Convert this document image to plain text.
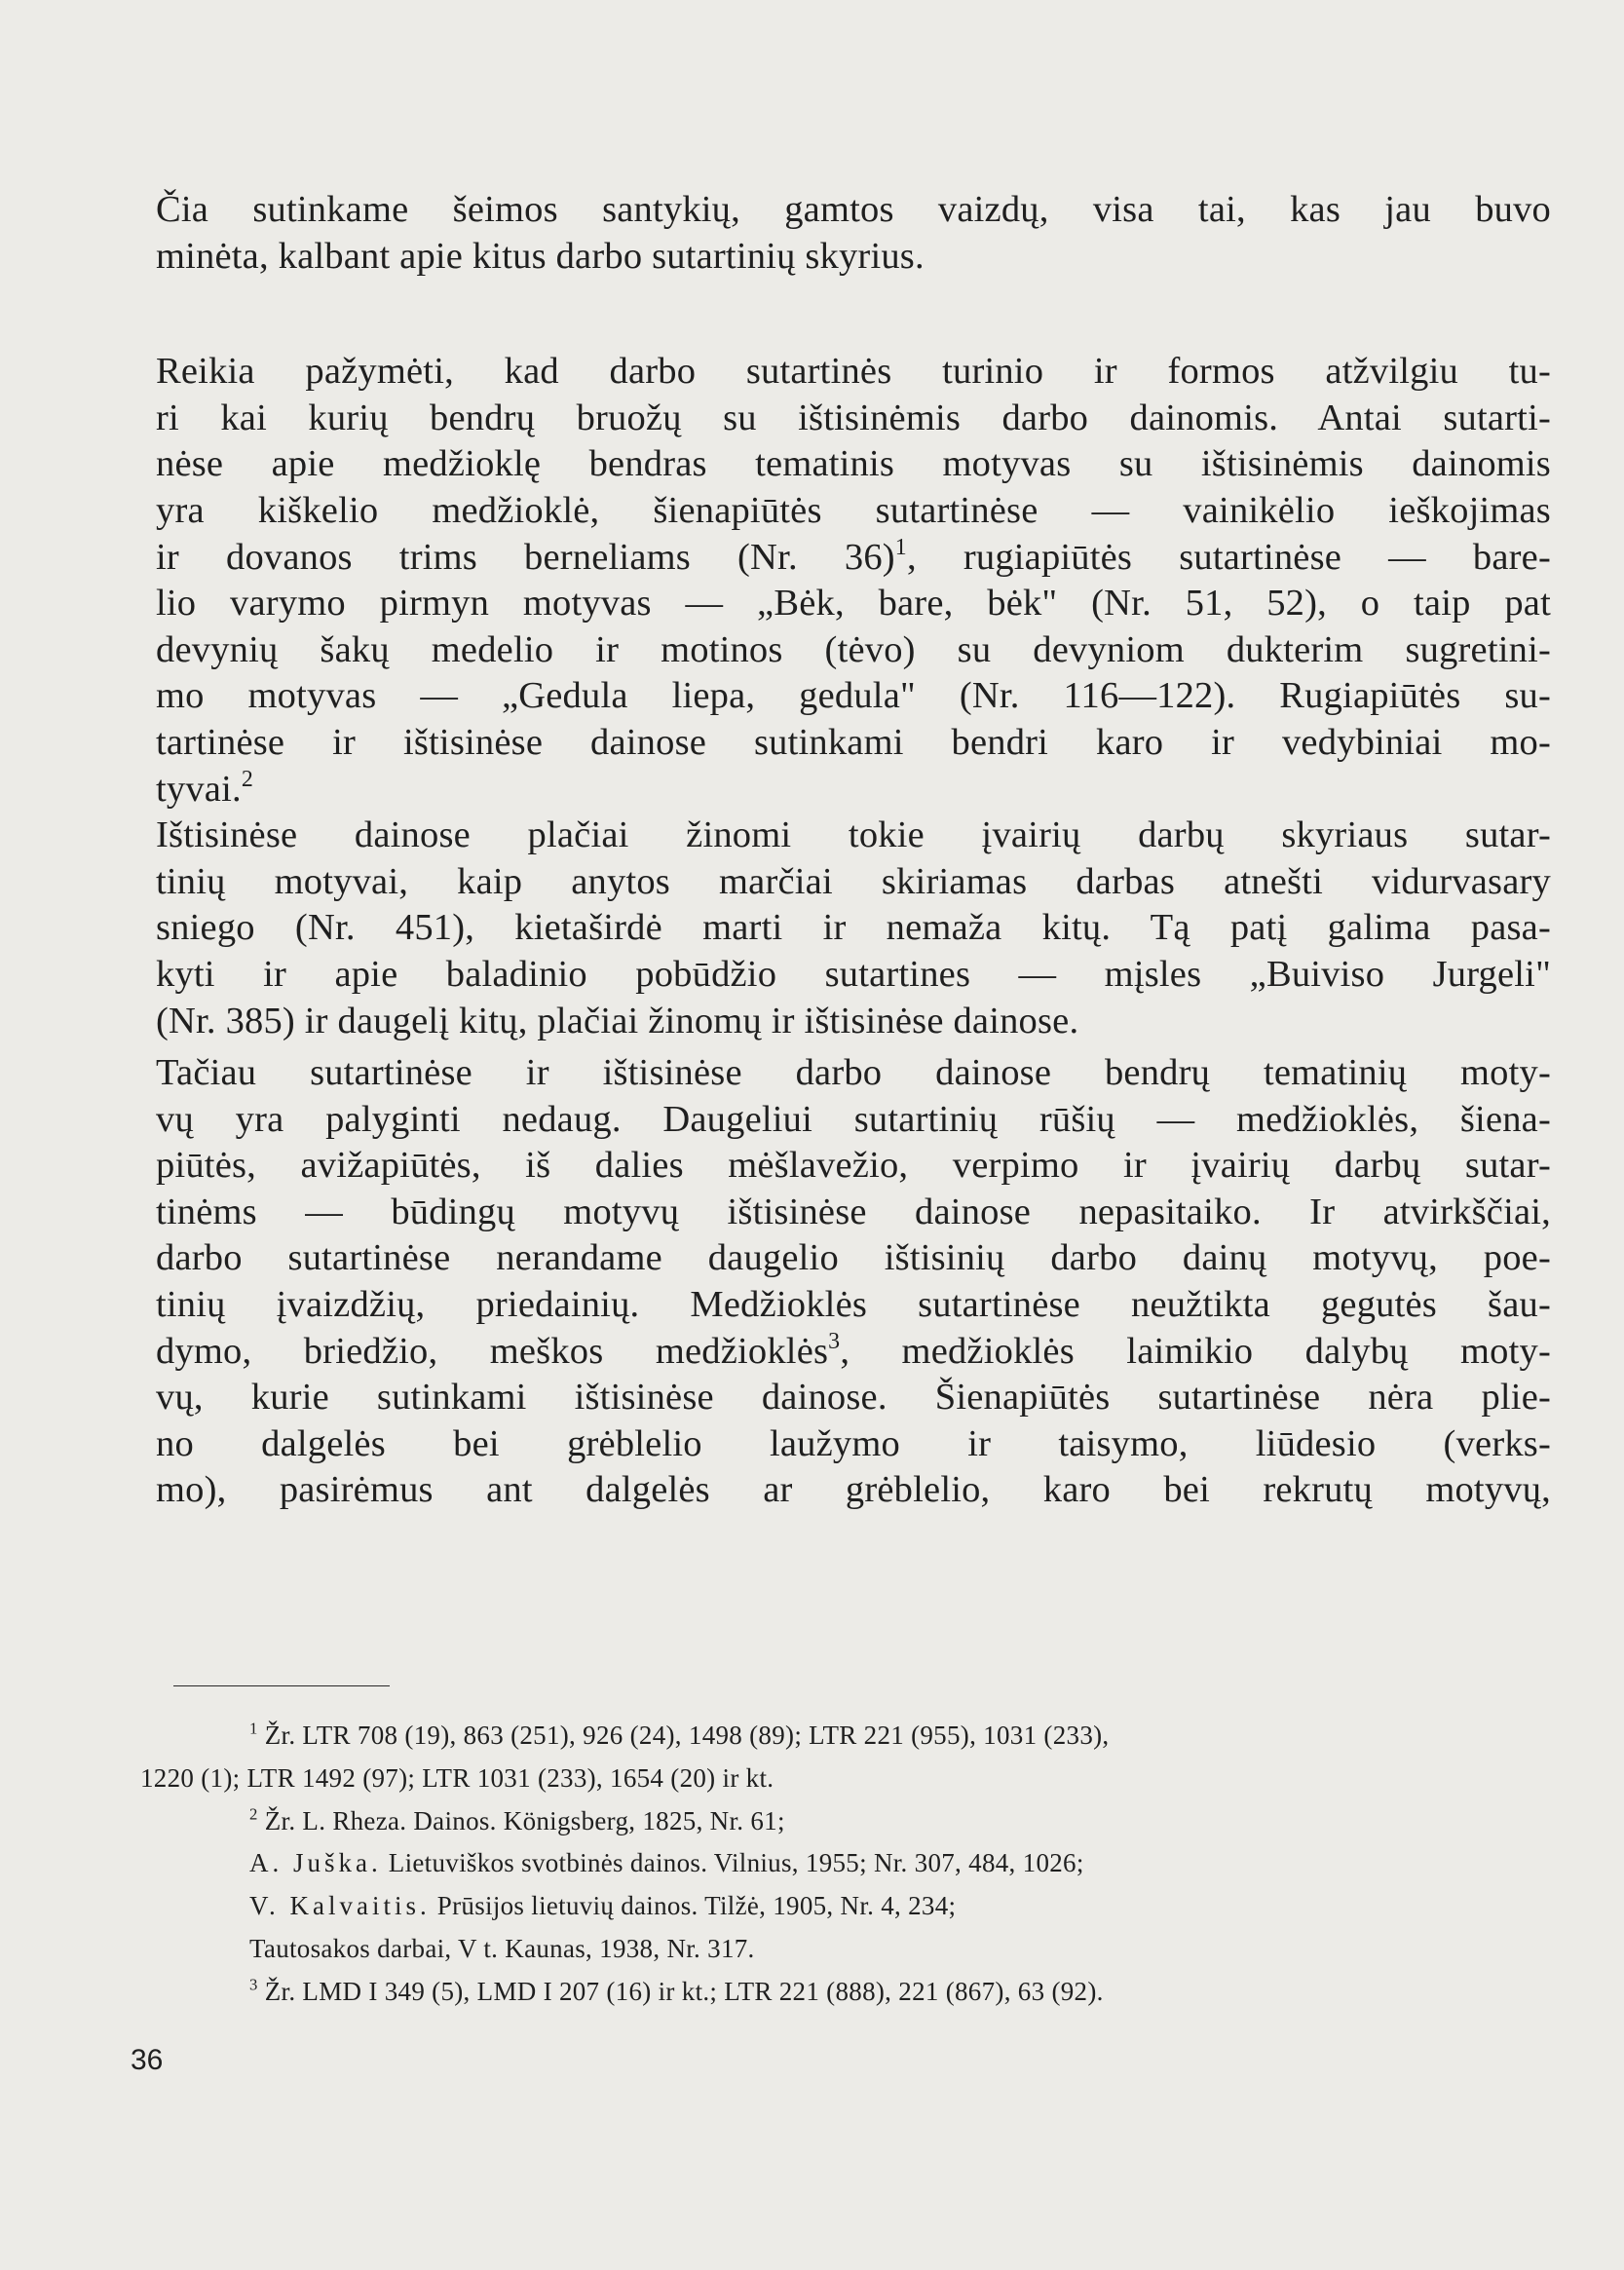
Čia sutinkame šeimos santykių, gamtos vaizdų, visa tai, kas jau buvo
minėta, kalbant apie kitus darbo sutartinių skyrius.
Reikia pažymėti, kad darbo sutartinės turinio ir formos atžvilgiu tu-
ri kai kurių bendrų bruožų su ištisinėmis darbo dainomis. Antai sutarti-
nėse apie medžioklę bendras tematinis motyvas su ištisinėmis dainomis
yra kiškelio medžioklė, šienapiūtės sutartinėse — vainikėlio ieškojimas
ir dovanos trims berneliams (Nr. 36)$^1$, rugiapiūtės sutartinėse — bare-
lio varymo pirmyn motyvas — „Bėk, bare, bėk" (Nr. 51, 52), o taip pat
devynių šakų medelio ir motinos (tėvo) su devyniom dukterim sugretini-
mo motyvas — „Gedula liepa, gedula" (Nr. 116—122). Rugiapiūtės su-
tartinėse ir ištisinėse dainose sutinkami bendri karo ir vedybiniai mo-
tyvai.$^2$
Ištisinėse dainose plačiai žinomi tokie įvairių darbų skyriaus sutar-
tinių motyvai, kaip anytos marčiai skiriamas darbas atnešti vidurvasary
sniego (Nr. 451), kietaširdė marti ir nemaža kitų. Tą patį galima pasa-
kyti ir apie baladinio pobūdžio sutartines — mįsles „Buiviso Jurgeli"
(Nr. 385) ir daugelį kitų, plačiai žinomų ir ištisinėse dainose.
Tačiau sutartinėse ir ištisinėse darbo dainose bendrų tematinių moty-
vų yra palyginti nedaug. Daugeliui sutartinių rūšių — medžioklės, šiena-
piūtės, avižapiūtės, iš dalies mėšlavežio, verpimo ir įvairių darbų sutar-
tinėms — būdingų motyvų ištisinėse dainose nepasitaiko. Ir atvirkščiai,
darbo sutartinėse nerandame daugelio ištisinių darbo dainų motyvų, poe-
tinių įvaizdžių, priedainių. Medžioklės sutartinėse neužtikta gegutės šau-
dymo, briedžio, meškos medžioklės$^3$, medžioklės laimikio dalybų moty-
vų, kurie sutinkami ištisinėse dainose. Šienapiūtės sutartinėse nėra plie-
no dalgelės bei grėblelio laužymo ir taisymo, liūdesio (verks-
mo), pasirėmus ant dalgelės ar grėblelio, karo bei rekrutų motyvų,
$^1$ Žr. LTR 708 (19), 863 (251), 926 (24), 1498 (89); LTR 221 (955), 1031 (233),
1220 (1); LTR 1492 (97); LTR 1031 (233), 1654 (20) ir kt.
$^2$ Žr. L. Rheza. Dainos. Königsberg, 1825, Nr. 61;
A. Juška. Lietuviškos svotbinės dainos. Vilnius, 1955; Nr. 307, 484, 1026;
V. Kalvaitis. Prūsijos lietuvių dainos. Tilžė, 1905, Nr. 4, 234;
Tautosakos darbai, V t. Kaunas, 1938, Nr. 317.
$^3$ Žr. LMD I 349 (5), LMD I 207 (16) ir kt.; LTR 221 (888), 221 (867), 63 (92).
36
